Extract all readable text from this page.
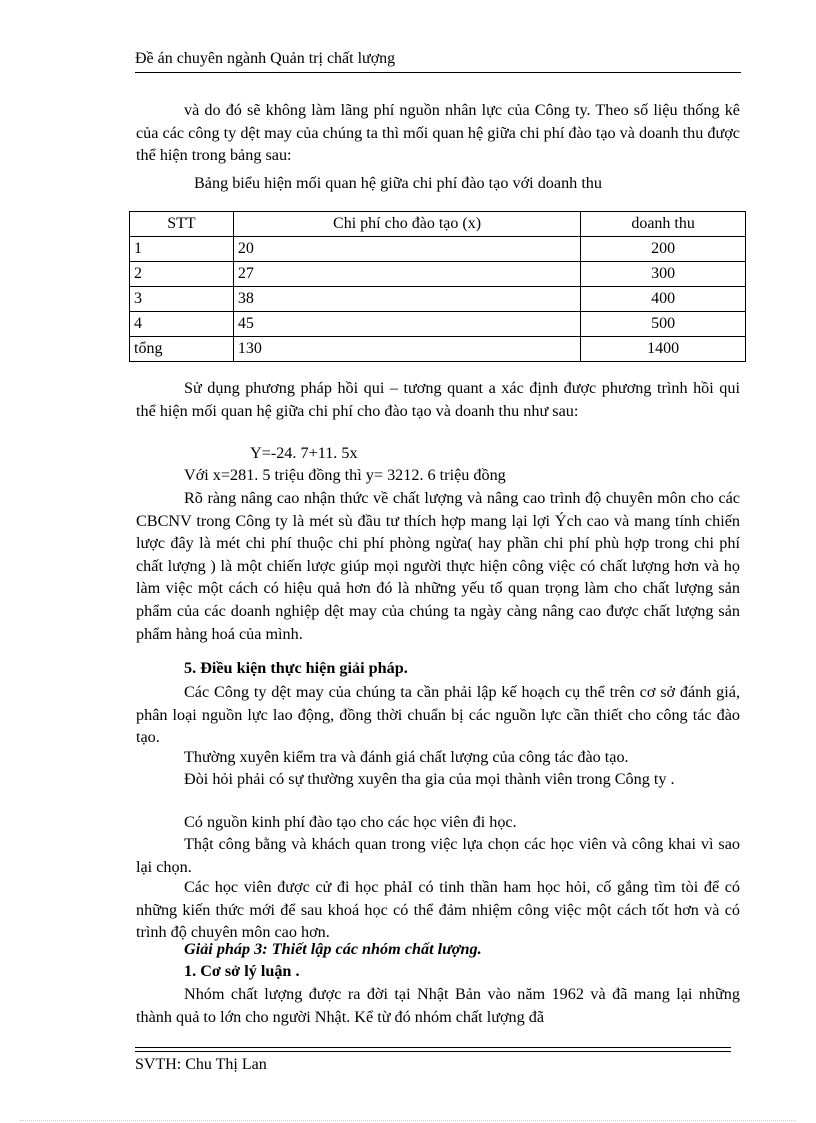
Đề án chuyên ngành Quản trị chất lượng

và do đó sẽ không làm lãng phí nguồn nhân lực của Công ty. Theo số liệu thống kê của các công ty dệt may của chúng ta thì mối quan hệ giữa chi phí đào tạo và doanh thu được thể hiện trong bảng sau:

Bảng biểu hiện mối quan hệ giữa chi phí đào tạo với doanh thu
STT	Chi phí cho đào tạo (x)	doanh thu
1	20	200
2	27	300
3	38	400
4	45	500
tổng	130	1400

Sử dụng phương pháp hồi qui – tương quant a xác định được phương trình hồi qui thể hiện mối quan hệ giữa chi phí cho đào tạo và doanh thu như sau:

Y=-24. 7+11. 5x
Với x=281. 5 triệu đồng thì y= 3212. 6 triệu đồng

Rõ ràng nâng cao nhận thức về chất lượng và nâng cao trình độ chuyên môn cho các CBCNV trong Công ty là mét sù đầu tư thích hợp mang lại lợi Ých cao và mang tính chiến lược đây là mét chi phí thuộc chi phí phòng ngừa( hay phần chi phí phù hợp trong chi phí chất lượng ) là một chiến lược giúp mọi người thực hiện công việc có chất lượng hơn và họ làm việc một cách có hiệu quả hơn đó là những yếu tố quan trọng làm cho chất lượng sản phẩm của các doanh nghiệp dệt may của chúng ta ngày càng nâng cao được chất lượng sản phẩm hàng hoá của mình.

5. Điều kiện thực hiện giải pháp.

Các Công ty dệt may của chúng ta cần phải lập kế hoạch cụ thể trên cơ sở đánh giá, phân loại nguồn lực lao động, đồng thời chuẩn bị các nguồn lực cần thiết cho công tác đào tạo.

Thường xuyên kiểm tra và đánh giá chất lượng của công tác đào tạo.

Đòi hỏi phải có sự thường xuyên tha gia của mọi thành viên trong Công ty .

Có nguồn kinh phí đào tạo cho các học viên đi học.

Thật công bằng và khách quan trong việc lựa chọn các học viên và công khai vì sao lại chọn.

Các học viên được cử đi học phảI có tinh thần ham học hỏi, cố gắng tìm tòi để có những kiến thức mới để sau khoá học có thể đảm nhiệm công việc một cách tốt hơn và có trình độ chuyên môn cao hơn.

Giải pháp 3: Thiết lập các nhóm chất lượng.
1. Cơ sở lý luận .

Nhóm chất lượng được ra đời tại Nhật Bản vào năm 1962 và đã mang lại những thành quả to lớn cho người Nhật. Kể từ đó nhóm chất lượng đã

SVTH: Chu Thị Lan
